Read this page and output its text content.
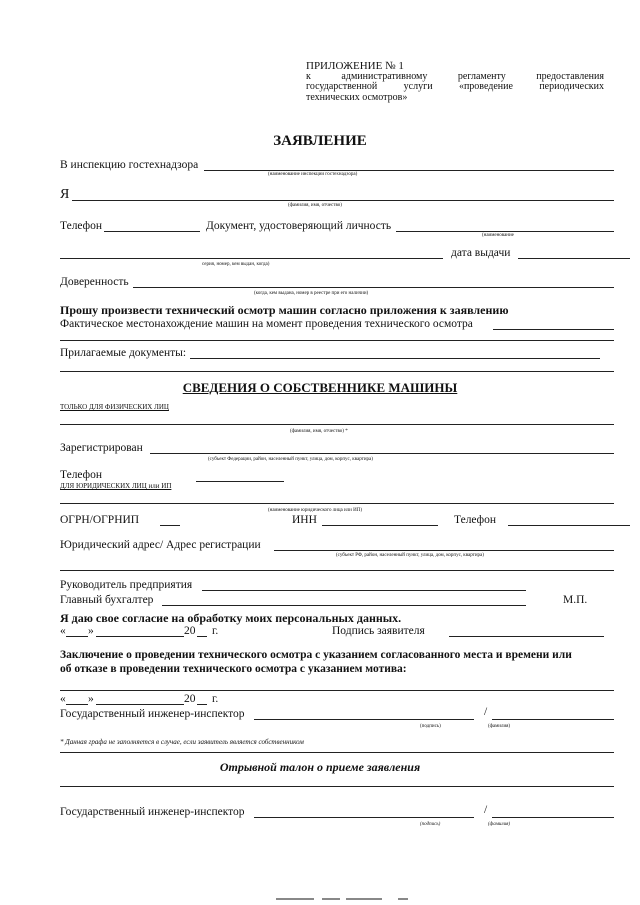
ПРИЛОЖЕНИЕ № 1
к административному регламенту предоставления
государственной услуги «проведение периодических
технических осмотров»
ЗАЯВЛЕНИЕ
В инспекцию гостехнадзора
(наименование инспекции гостехнадзора)
Я
(фамилия, имя, отчество)
Телефон	Документ, удостоверяющий личность
(наименование
дата выдачи
серия, номер, кем выдан, когда)
Доверенность
(когда, кем выдана, номер в реестре при его наличии)
Прошу произвести технический осмотр машин согласно приложения к заявлению
Фактическое местонахождение машин на момент проведения технического осмотра
Прилагаемые документы:
СВЕДЕНИЯ О СОБСТВЕННИКЕ МАШИНЫ
ТОЛЬКО ДЛЯ ФИЗИЧЕСКИХ ЛИЦ
(фамилия, имя, отчество) *
Зарегистрирован
(субъект Федерации, район, населенный пункт, улица, дом, корпус, квартира)
Телефон
ДЛЯ ЮРИДИЧЕСКИХ ЛИЦ или ИП
(наименование юридического лица или ИП)
ОГРН/ОГРНИП	ИНН	Телефон
Юридический адрес/ Адрес регистрации
(субъект РФ, район, населенный пункт, улица, дом, корпус, квартира)
Руководитель предприятия
Главный бухгалтер	М.П.
Я даю свое согласие на обработку моих персональных данных.
« »	20 г.	Подпись заявителя
Заключение о проведении технического осмотра с указанием согласованного места и времени или
об отказе в проведении технического осмотра с указанием мотива:
« »	20 г.
Государственный инженер-инспектор	/
(подпись)	(фамилия)
* Данная графа не заполняется в случае, если заявитель является собственником
Отрывной талон о приеме заявления
Государственный инженер-инспектор	/
(подпись)	(фамилия)
